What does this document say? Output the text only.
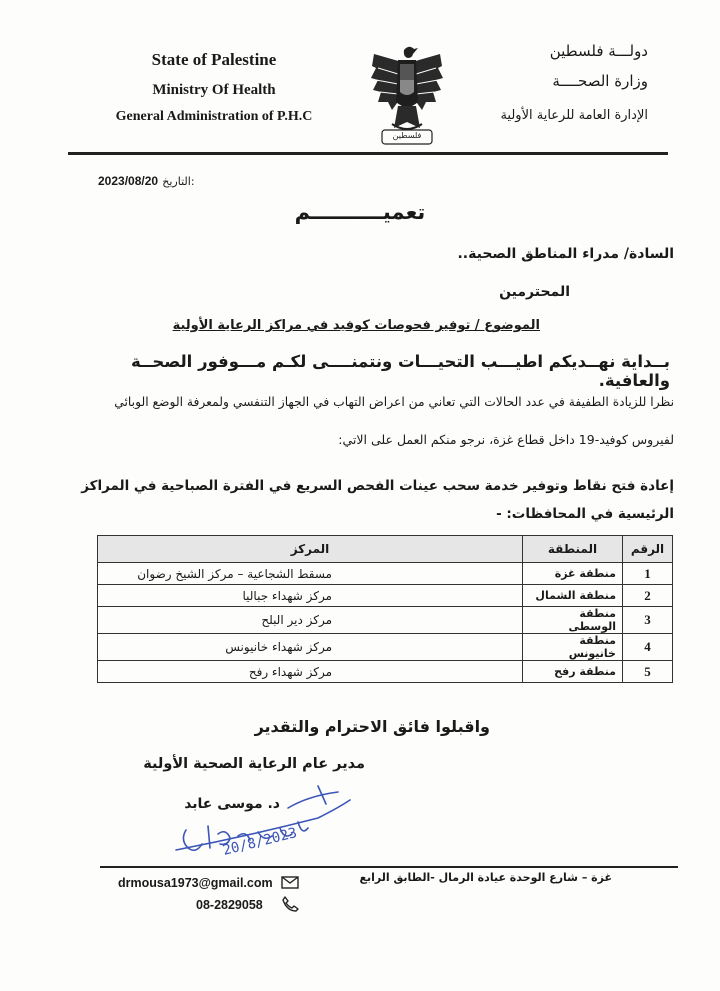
State of Palestine
Ministry Of Health
General Administration of P.H.C
دولـــة فلسطين
وزارة الصحــــة
الإدارة العامة للرعاية الأولية
فلسطين
2023/08/20 التاريخ:
تعميــــــــــم
السادة/ مدراء المناطق الصحية..
المحترمين
الموضوع / توفير فحوصات كوفيد في مراكز الرعاية الأولية
بــداية نهــديكم اطيـــب التحيـــات ونتمنــــى لكـم مـــوفور الصحــة والعافية.
نظرا للزيادة الطفيفة في عدد الحالات التي تعاني من اعراض التهاب في الجهاز التنفسي ولمعرفة الوضع الوبائي
لفيروس كوفيد-19 داخل قطاع غزة، نرجو منكم العمل على الاتي:
إعادة فتح نقاط وتوفير خدمة سحب عينات الفحص السريع في الفترة الصباحية في المراكز الرئيسية في المحافظات: -
الرقم	المنطقة	المركز
1	منطقة غزة	مسقط الشجاعية – مركز الشيخ رضوان
2	منطقة الشمال	مركز شهداء جباليا
3	منطقة الوسطى	مركز دير البلح
4	منطقة خانيونس	مركز شهداء خانيونس
5	منطقة رفح	مركز شهداء رفح
واقبلوا فائق الاحترام والتقدير
مدير عام الرعاية الصحية الأولية
د. موسى عابد
20/8/2023
drmousa1973@gmail.com
08-2829058
غزة – شارع الوحدة عيادة الرمال -الطابق الرابع
